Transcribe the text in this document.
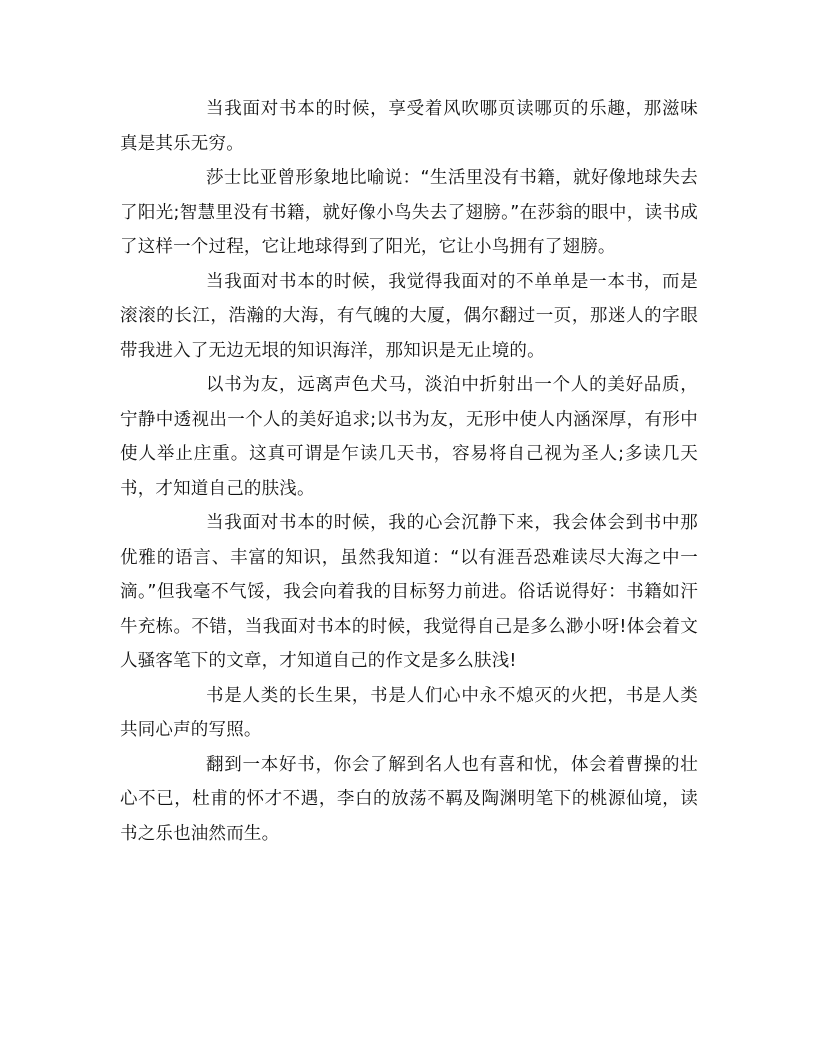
当我面对书本的时候，享受着风吹哪页读哪页的乐趣，那滋味真是其乐无穷。

莎士比亚曾形象地比喻说：“生活里没有书籍，就好像地球失去了阳光;智慧里没有书籍，就好像小鸟失去了翅膀。”在莎翁的眼中，读书成了这样一个过程，它让地球得到了阳光，它让小鸟拥有了翅膀。

当我面对书本的时候，我觉得我面对的不单单是一本书，而是滚滚的长江，浩瀚的大海，有气魄的大厦，偶尔翻过一页，那迷人的字眼带我进入了无边无垠的知识海洋，那知识是无止境的。

以书为友，远离声色犬马，淡泊中折射出一个人的美好品质，宁静中透视出一个人的美好追求;以书为友，无形中使人内涵深厚，有形中使人举止庄重。这真可谓是乍读几天书，容易将自己视为圣人;多读几天书，才知道自己的肤浅。

当我面对书本的时候，我的心会沉静下来，我会体会到书中那优雅的语言、丰富的知识，虽然我知道：“以有涯吾恐难读尽大海之中一滴。”但我毫不气馁，我会向着我的目标努力前进。俗话说得好：书籍如汗牛充栋。不错，当我面对书本的时候，我觉得自己是多么渺小呀!体会着文人骚客笔下的文章，才知道自己的作文是多么肤浅!

书是人类的长生果，书是人们心中永不熄灭的火把，书是人类共同心声的写照。

翻到一本好书，你会了解到名人也有喜和忧，体会着曹操的壮心不已，杜甫的怀才不遇，李白的放荡不羁及陶渊明笔下的桃源仙境，读书之乐也油然而生。
